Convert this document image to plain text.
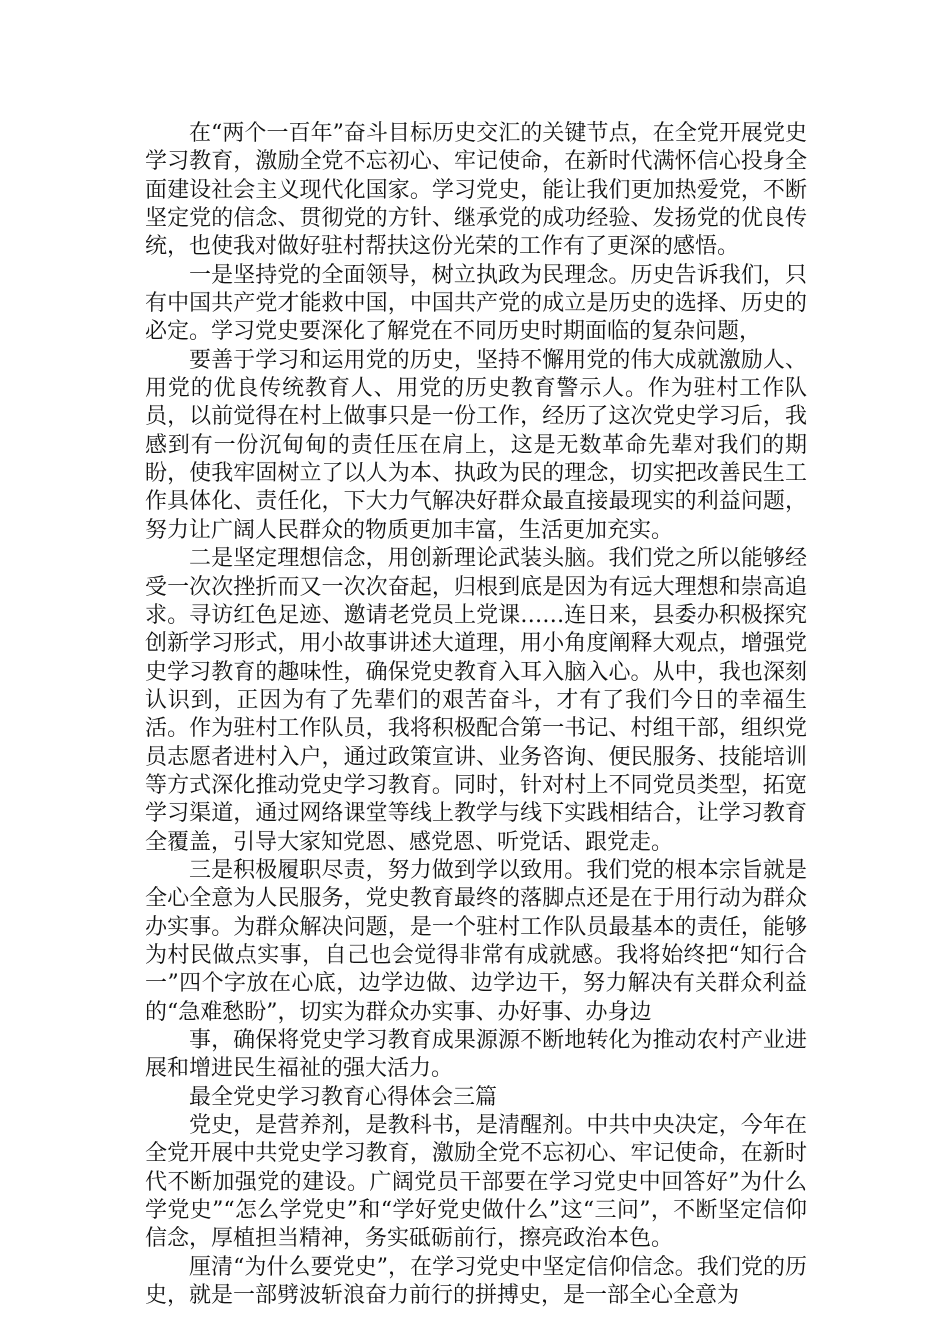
在“两个一百年”奋斗目标历史交汇的关键节点，在全党开展党史学习教育，激励全党不忘初心、牢记使命，在新时代满怀信心投身全面建设社会主义现代化国家。学习党史，能让我们更加热爱党，不断坚定党的信念、贯彻党的方针、继承党的成功经验、发扬党的优良传统，也使我对做好驻村帮扶这份光荣的工作有了更深的感悟。

一是坚持党的全面领导，树立执政为民理念。历史告诉我们，只有中国共产党才能救中国，中国共产党的成立是历史的选择、历史的必定。学习党史要深化了解党在不同历史时期面临的复杂问题，

要善于学习和运用党的历史，坚持不懈用党的伟大成就激励人、用党的优良传统教育人、用党的历史教育警示人。作为驻村工作队员，以前觉得在村上做事只是一份工作，经历了这次党史学习后，我感到有一份沉甸甸的责任压在肩上，这是无数革命先辈对我们的期盼，使我牢固树立了以人为本、执政为民的理念，切实把改善民生工作具体化、责任化，下大力气解决好群众最直接最现实的利益问题，努力让广阔人民群众的物质更加丰富，生活更加充实。

二是坚定理想信念，用创新理论武装头脑。我们党之所以能够经受一次次挫折而又一次次奋起，归根到底是因为有远大理想和崇高追求。寻访红色足迹、邀请老党员上党课……连日来，县委办积极探究创新学习形式，用小故事讲述大道理，用小角度阐释大观点，增强党史学习教育的趣味性，确保党史教育入耳入脑入心。从中，我也深刻认识到，正因为有了先辈们的艰苦奋斗，才有了我们今日的幸福生活。作为驻村工作队员，我将积极配合第一书记、村组干部，组织党员志愿者进村入户，通过政策宣讲、业务咨询、便民服务、技能培训等方式深化推动党史学习教育。同时，针对村上不同党员类型，拓宽学习渠道，通过网络课堂等线上教学与线下实践相结合，让学习教育全覆盖，引导大家知党恩、感党恩、听党话、跟党走。

三是积极履职尽责，努力做到学以致用。我们党的根本宗旨就是全心全意为人民服务，党史教育最终的落脚点还是在于用行动为群众办实事。为群众解决问题，是一个驻村工作队员最基本的责任，能够为村民做点实事，自己也会觉得非常有成就感。我将始终把“知行合一”四个字放在心底，边学边做、边学边干，努力解决有关群众利益的“急难愁盼”，切实为群众办实事、办好事、办身边

事，确保将党史学习教育成果源源不断地转化为推动农村产业进展和增进民生福祉的强大活力。

最全党史学习教育心得体会三篇

党史，是营养剂，是教科书，是清醒剂。中共中央决定，今年在全党开展中共党史学习教育，激励全党不忘初心、牢记使命，在新时代不断加强党的建设。广阔党员干部要在学习党史中回答好”为什么学党史”“怎么学党史”和“学好党史做什么”这“三问”，不断坚定信仰信念，厚植担当精神，务实砥砺前行，擦亮政治本色。

厘清“为什么要党史”，在学习党史中坚定信仰信念。我们党的历史，就是一部劈波斩浪奋力前行的拼搏史，是一部全心全意为
